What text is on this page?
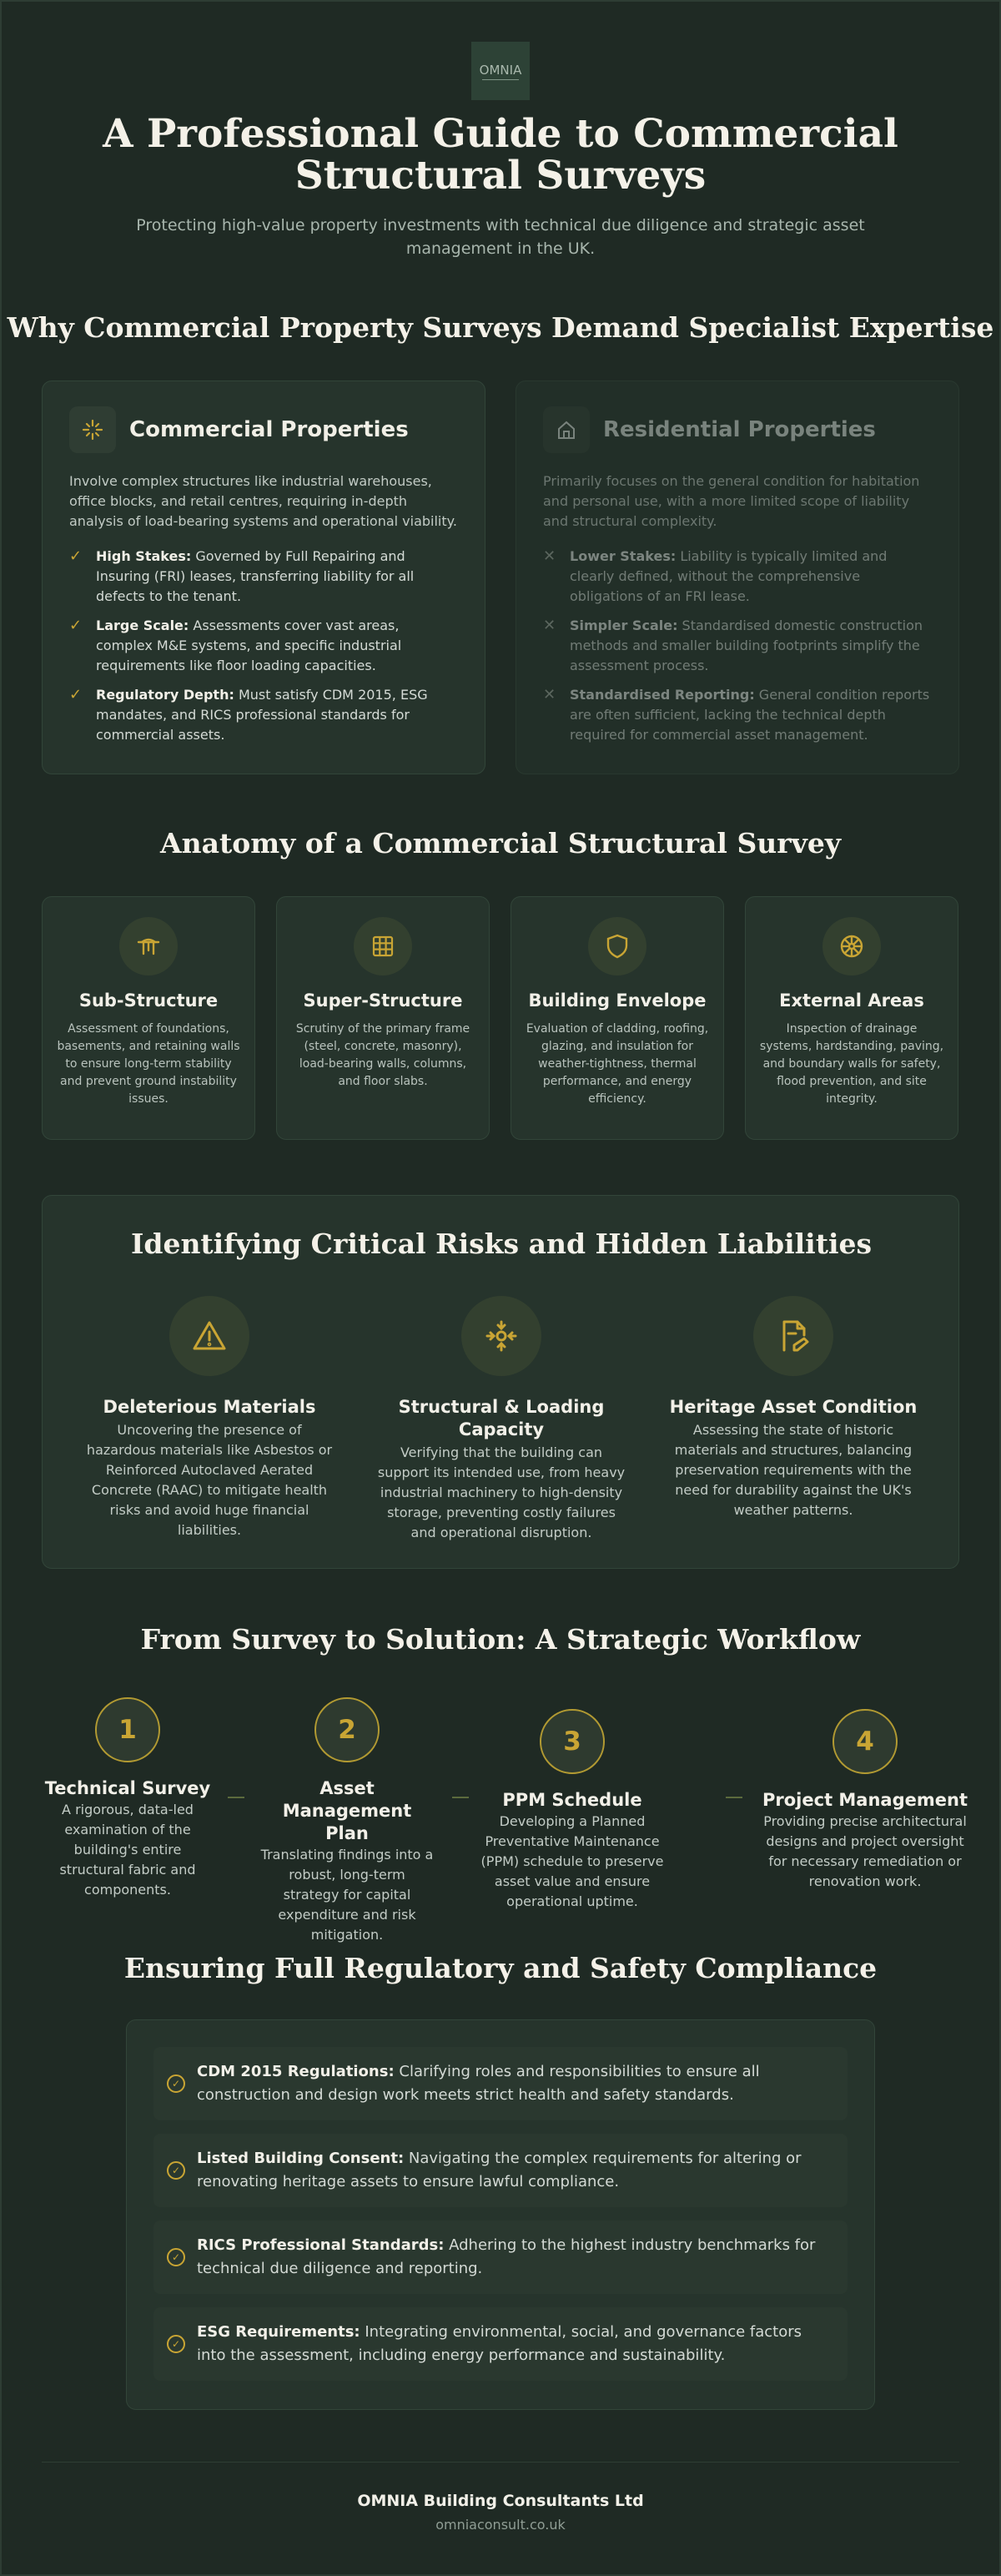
OMNIA
A Professional Guide to Commercial Structural Surveys

Protecting high-value property investments with technical due diligence and strategic asset management in the UK.

Why Commercial Property Surveys Demand Specialist Expertise
Commercial Properties

Involve complex structures like industrial warehouses, office blocks, and retail centres, requiring in-depth analysis of load-bearing systems and operational viability.

✓	High Stakes: Governed by Full Repairing and Insuring (FRI) leases, transferring liability for all defects to the tenant.
✓	Large Scale: Assessments cover vast areas, complex M&E systems, and specific industrial requirements like floor loading capacities.
✓	Regulatory Depth: Must satisfy CDM 2015, ESG mandates, and RICS professional standards for commercial assets.
Residential Properties

Primarily focuses on the general condition for habitation and personal use, with a more limited scope of liability and structural complexity.

✕	Lower Stakes: Liability is typically limited and clearly defined, without the comprehensive obligations of an FRI lease.
✕	Simpler Scale: Standardised domestic construction methods and smaller building footprints simplify the assessment process.
✕	Standardised Reporting: General condition reports are often sufficient, lacking the technical depth required for commercial asset management.
Anatomy of a Commercial Structural Survey
Sub-Structure

Assessment of foundations, basements, and retaining walls to ensure long-term stability and prevent ground instability issues.

Super-Structure

Scrutiny of the primary frame (steel, concrete, masonry), load-bearing walls, columns, and floor slabs.

Building Envelope

Evaluation of cladding, roofing, glazing, and insulation for weather-tightness, thermal performance, and energy efficiency.

External Areas

Inspection of drainage systems, hardstanding, paving, and boundary walls for safety, flood prevention, and site integrity.

Identifying Critical Risks and Hidden Liabilities
Deleterious Materials

Uncovering the presence of hazardous materials like Asbestos or Reinforced Autoclaved Aerated Concrete (RAAC) to mitigate health risks and avoid huge financial liabilities.

Structural & Loading Capacity

Verifying that the building can support its intended use, from heavy industrial machinery to high-density storage, preventing costly failures and operational disruption.

Heritage Asset Condition

Assessing the state of historic materials and structures, balancing preservation requirements with the need for durability against the UK's weather patterns.

From Survey to Solution: A Strategic Workflow
1
Technical Survey

A rigorous, data-led examination of the building's entire structural fabric and components.

2
Asset Management Plan

Translating findings into a robust, long-term strategy for capital expenditure and risk mitigation.

3
PPM Schedule

Developing a Planned Preventative Maintenance (PPM) schedule to preserve asset value and ensure operational uptime.

4
Project Management

Providing precise architectural designs and project oversight for necessary remediation or renovation work.

Ensuring Full Regulatory and Safety Compliance
✓
CDM 2015 Regulations: Clarifying roles and responsibilities to ensure all construction and design work meets strict health and safety standards.
✓
Listed Building Consent: Navigating the complex requirements for altering or renovating heritage assets to ensure lawful compliance.
✓
RICS Professional Standards: Adhering to the highest industry benchmarks for technical due diligence and reporting.
✓
ESG Requirements: Integrating environmental, social, and governance factors into the assessment, including energy performance and sustainability.
OMNIA Building Consultants Ltd
omniaconsult.co.uk
